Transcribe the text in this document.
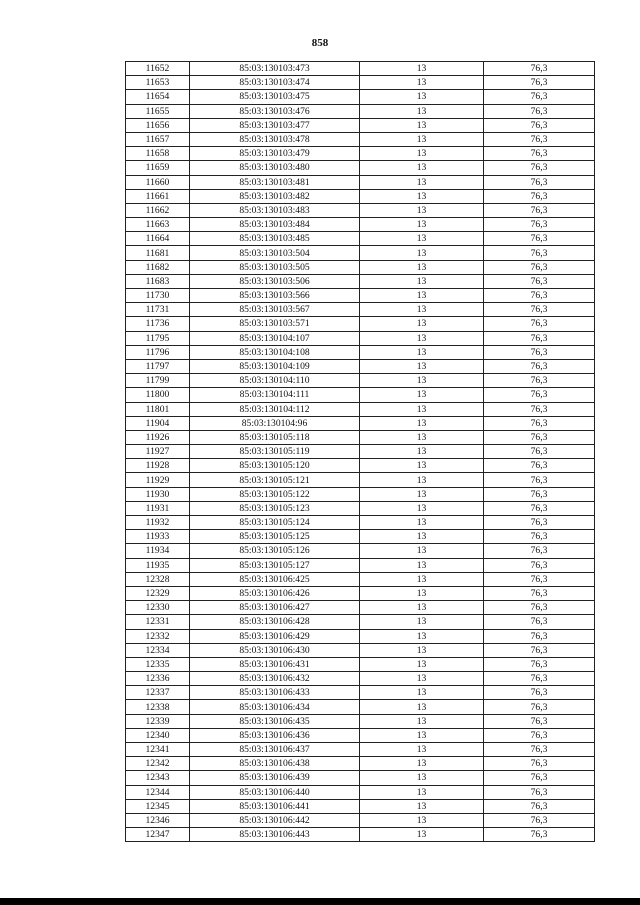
858
11652	85:03:130103:473	13	76,3
11653	85:03:130103:474	13	76,3
11654	85:03:130103:475	13	76,3
11655	85:03:130103:476	13	76,3
11656	85:03:130103:477	13	76,3
11657	85:03:130103:478	13	76,3
11658	85:03:130103:479	13	76,3
11659	85:03:130103:480	13	76,3
11660	85:03:130103:481	13	76,3
11661	85:03:130103:482	13	76,3
11662	85:03:130103:483	13	76,3
11663	85:03:130103:484	13	76,3
11664	85:03:130103:485	13	76,3
11681	85:03:130103:504	13	76,3
11682	85:03:130103:505	13	76,3
11683	85:03:130103:506	13	76,3
11730	85:03:130103:566	13	76,3
11731	85:03:130103:567	13	76,3
11736	85:03:130103:571	13	76,3
11795	85:03:130104:107	13	76,3
11796	85:03:130104:108	13	76,3
11797	85:03:130104:109	13	76,3
11799	85:03:130104:110	13	76,3
11800	85:03:130104:111	13	76,3
11801	85:03:130104:112	13	76,3
11904	85:03:130104:96	13	76,3
11926	85:03:130105:118	13	76,3
11927	85:03:130105:119	13	76,3
11928	85:03:130105:120	13	76,3
11929	85:03:130105:121	13	76,3
11930	85:03:130105:122	13	76,3
11931	85:03:130105:123	13	76,3
11932	85:03:130105:124	13	76,3
11933	85:03:130105:125	13	76,3
11934	85:03:130105:126	13	76,3
11935	85:03:130105:127	13	76,3
12328	85:03:130106:425	13	76,3
12329	85:03:130106:426	13	76,3
12330	85:03:130106:427	13	76,3
12331	85:03:130106:428	13	76,3
12332	85:03:130106:429	13	76,3
12334	85:03:130106:430	13	76,3
12335	85:03:130106:431	13	76,3
12336	85:03:130106:432	13	76,3
12337	85:03:130106:433	13	76,3
12338	85:03:130106:434	13	76,3
12339	85:03:130106:435	13	76,3
12340	85:03:130106:436	13	76,3
12341	85:03:130106:437	13	76,3
12342	85:03:130106:438	13	76,3
12343	85:03:130106:439	13	76,3
12344	85:03:130106:440	13	76,3
12345	85:03:130106:441	13	76,3
12346	85:03:130106:442	13	76,3
12347	85:03:130106:443	13	76,3
